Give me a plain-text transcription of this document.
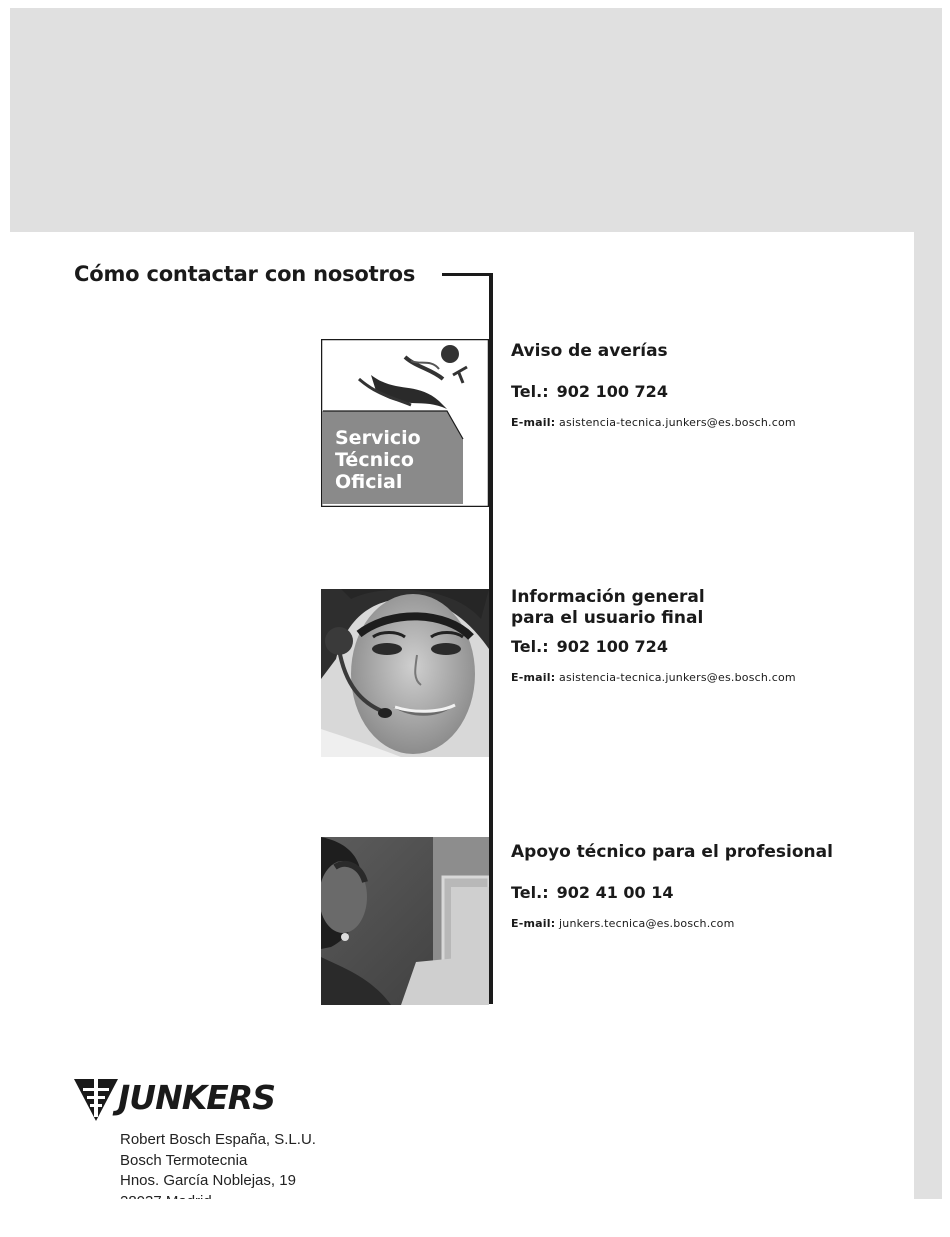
Cómo contactar con nosotros
Servicio
Técnico
Oficial
Aviso de averías
Tel.: 902 100 724
E-mail: asistencia-tecnica.junkers@es.bosch.com
Información general
para el usuario final
Tel.: 902 100 724
E-mail: asistencia-tecnica.junkers@es.bosch.com
Apoyo técnico para el profesional
Tel.: 902 41 00 14
E-mail: junkers.tecnica@es.bosch.com
JUNKERS
Robert Bosch España, S.L.U.
Bosch Termotecnia
Hnos. García Noblejas, 19
